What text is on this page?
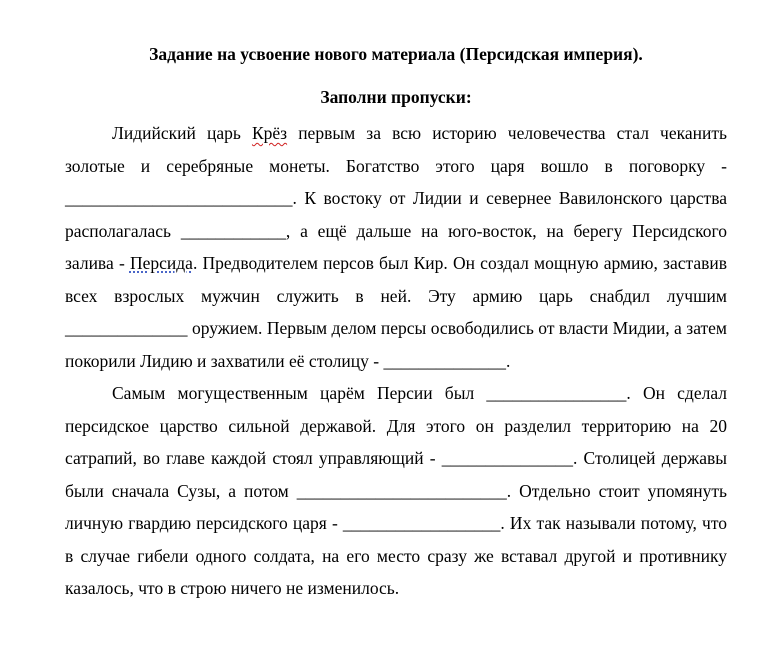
Задание на усвоение нового материала (Персидская империя).
Заполни пропуски:

Лидийский царь Крёз первым за всю историю человечества стал чеканить золотые и серебряные монеты. Богатство этого царя вошло в поговорку - __________________________. К востоку от Лидии и севернее Вавилонского царства располагалась ____________, а ещё дальше на юго-восток, на берегу Персидского залива - Персида. Предводителем персов был Кир. Он создал мощную армию, заставив всех взрослых мужчин служить в ней. Эту армию царь снабдил лучшим ______________ оружием. Первым делом персы освободились от власти Мидии, а затем покорили Лидию и захватили её столицу - ______________.

Самым могущественным царём Персии был ________________. Он сделал персидское царство сильной державой. Для этого он разделил территорию на 20 сатрапий, во главе каждой стоял управляющий - _______________. Столицей державы были сначала Сузы, а потом ________________________. Отдельно стоит упомянуть личную гвардию персидского царя - __________________. Их так называли потому, что в случае гибели одного солдата, на его место сразу же вставал другой и противнику казалось, что в строю ничего не изменилось.
